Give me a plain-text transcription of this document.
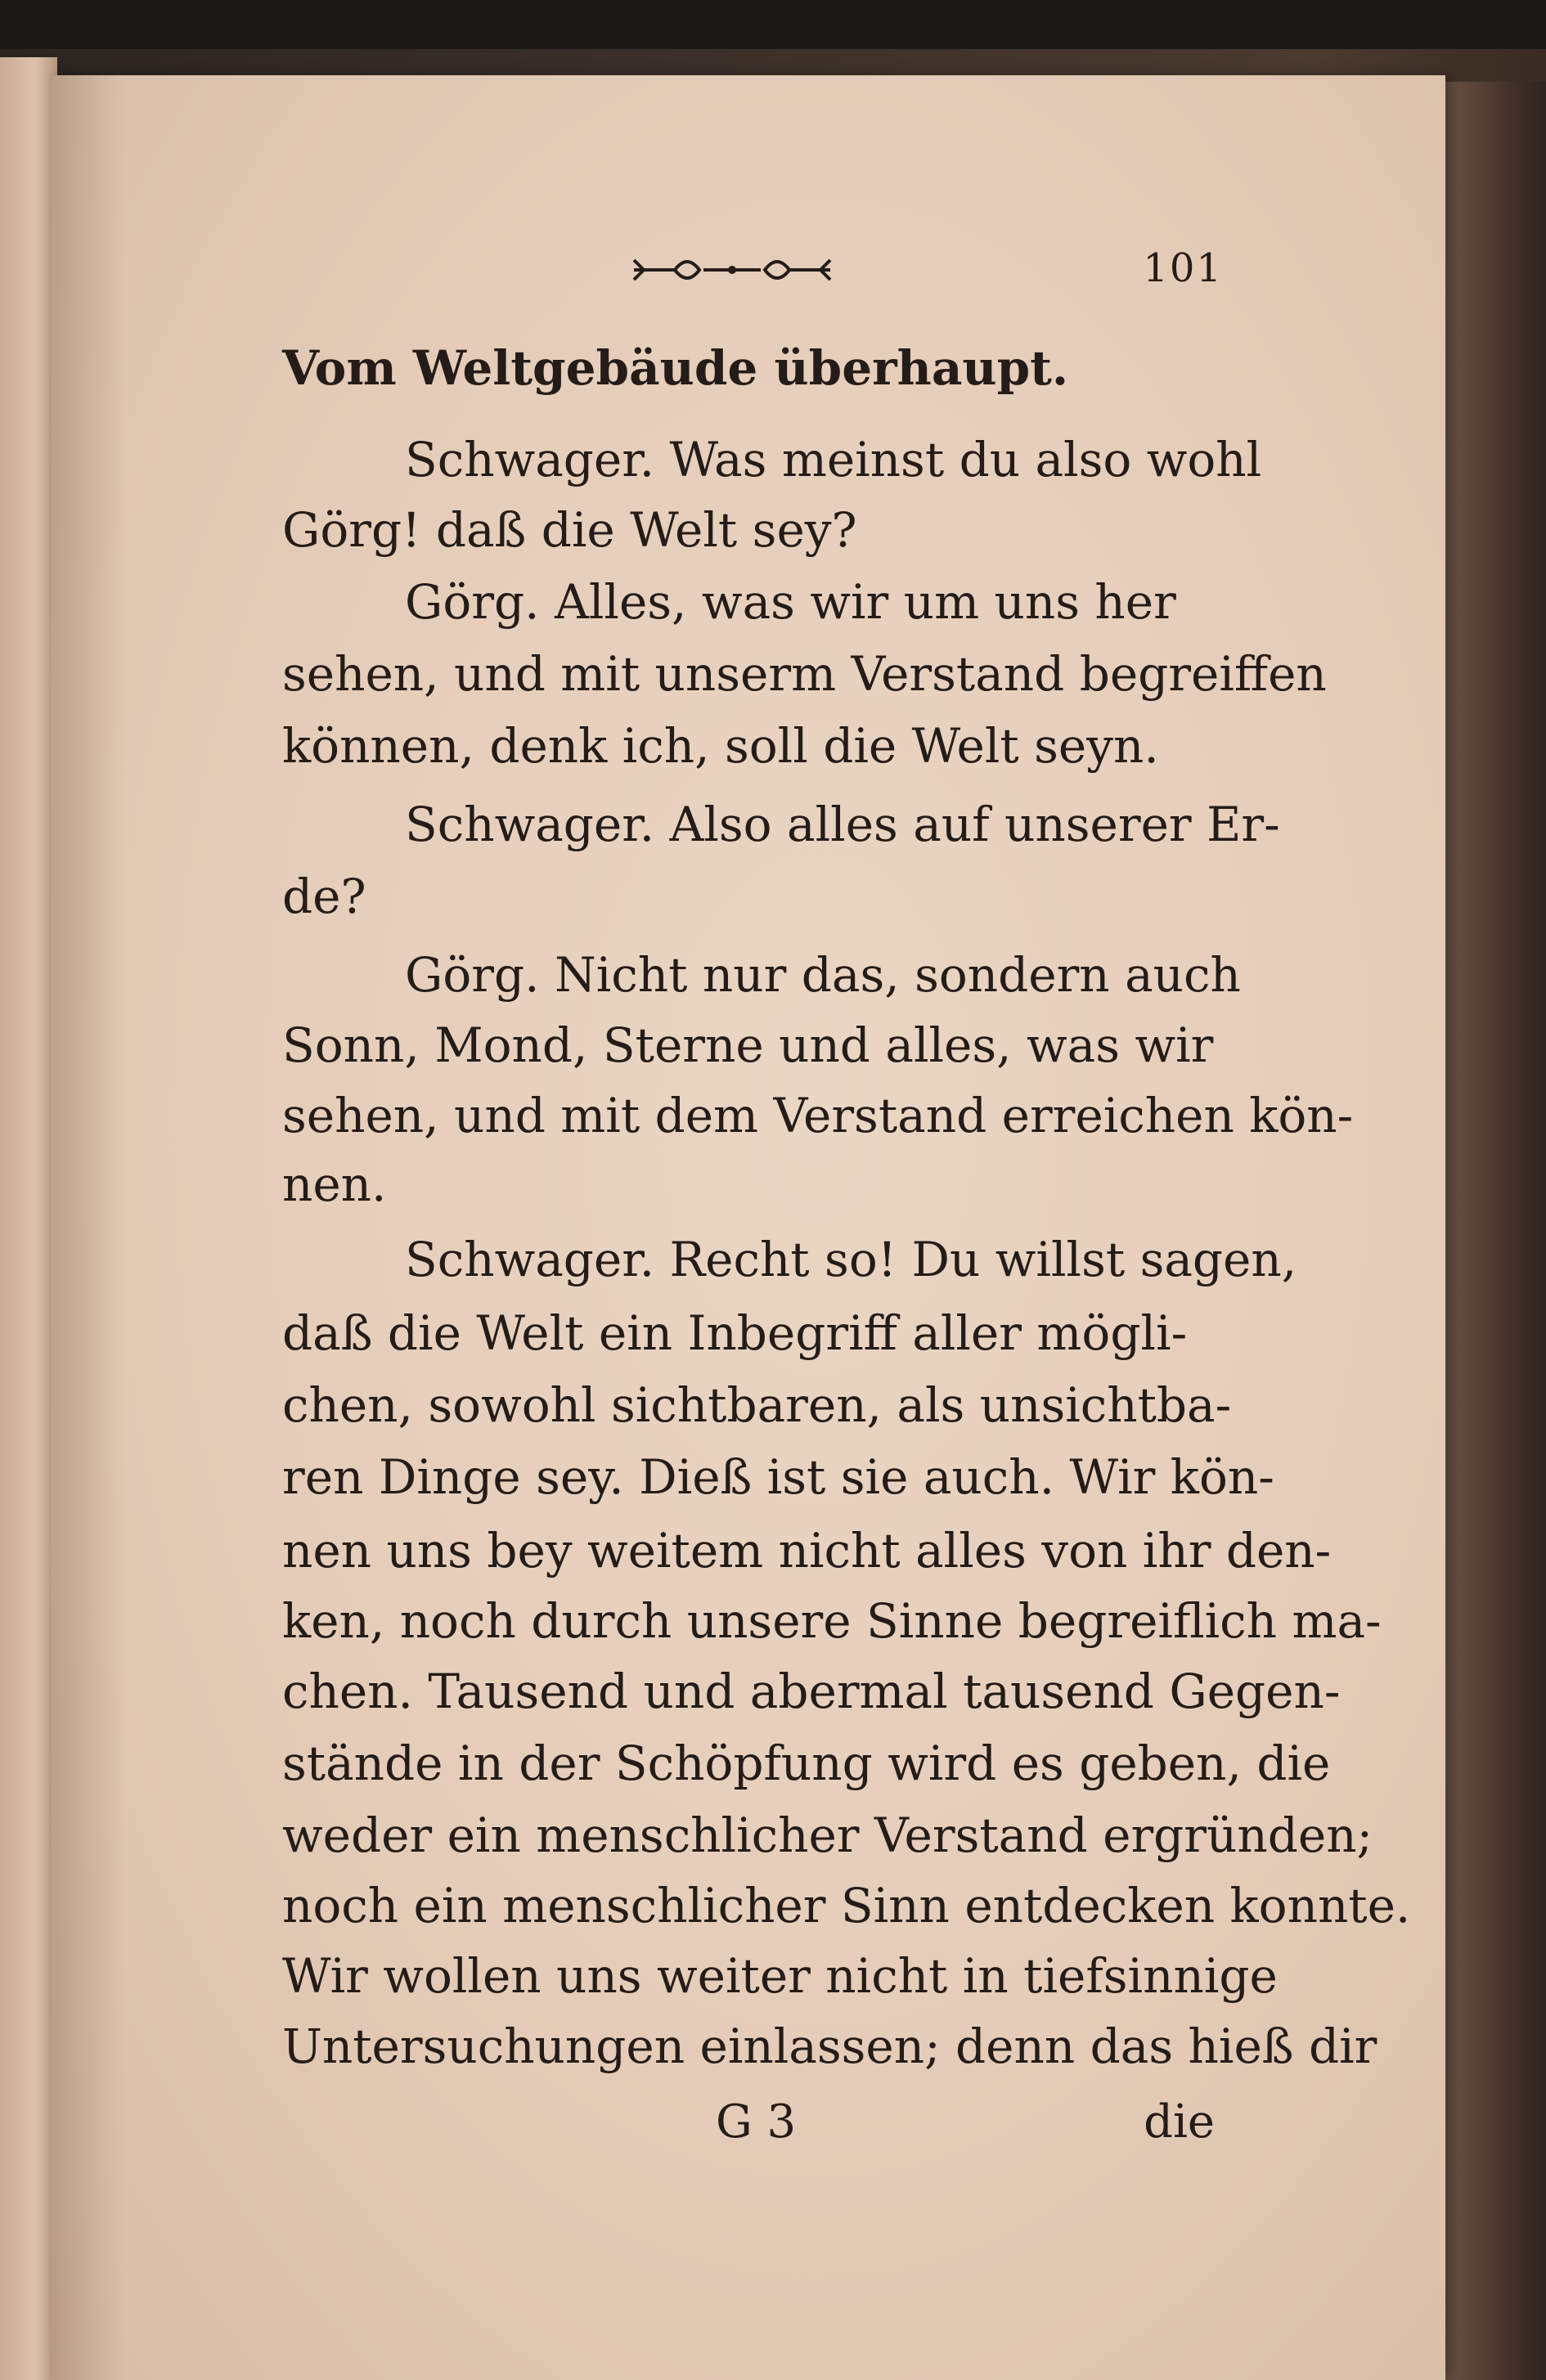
101
Vom Weltgebäude überhaupt.
Schwager. Was meinst du also wohl
Görg! daß die Welt sey?
Görg. Alles, was wir um uns her
sehen, und mit unserm Verstand begreiffen
können, denk ich, soll die Welt seyn.
Schwager. Also alles auf unserer Er-
de?
Görg. Nicht nur das, sondern auch
Sonn, Mond, Sterne und alles, was wir
sehen, und mit dem Verstand erreichen kön-
nen.
Schwager. Recht so! Du willst sagen,
daß die Welt ein Inbegriff aller mögli-
chen, sowohl sichtbaren, als unsichtba-
ren Dinge sey. Dieß ist sie auch. Wir kön-
nen uns bey weitem nicht alles von ihr den-
ken, noch durch unsere Sinne begreiflich ma-
chen. Tausend und abermal tausend Gegen-
stände in der Schöpfung wird es geben, die
weder ein menschlicher Verstand ergründen;
noch ein menschlicher Sinn entdecken konnte.
Wir wollen uns weiter nicht in tiefsinnige
Untersuchungen einlassen; denn das hieß dir
G 3	die
